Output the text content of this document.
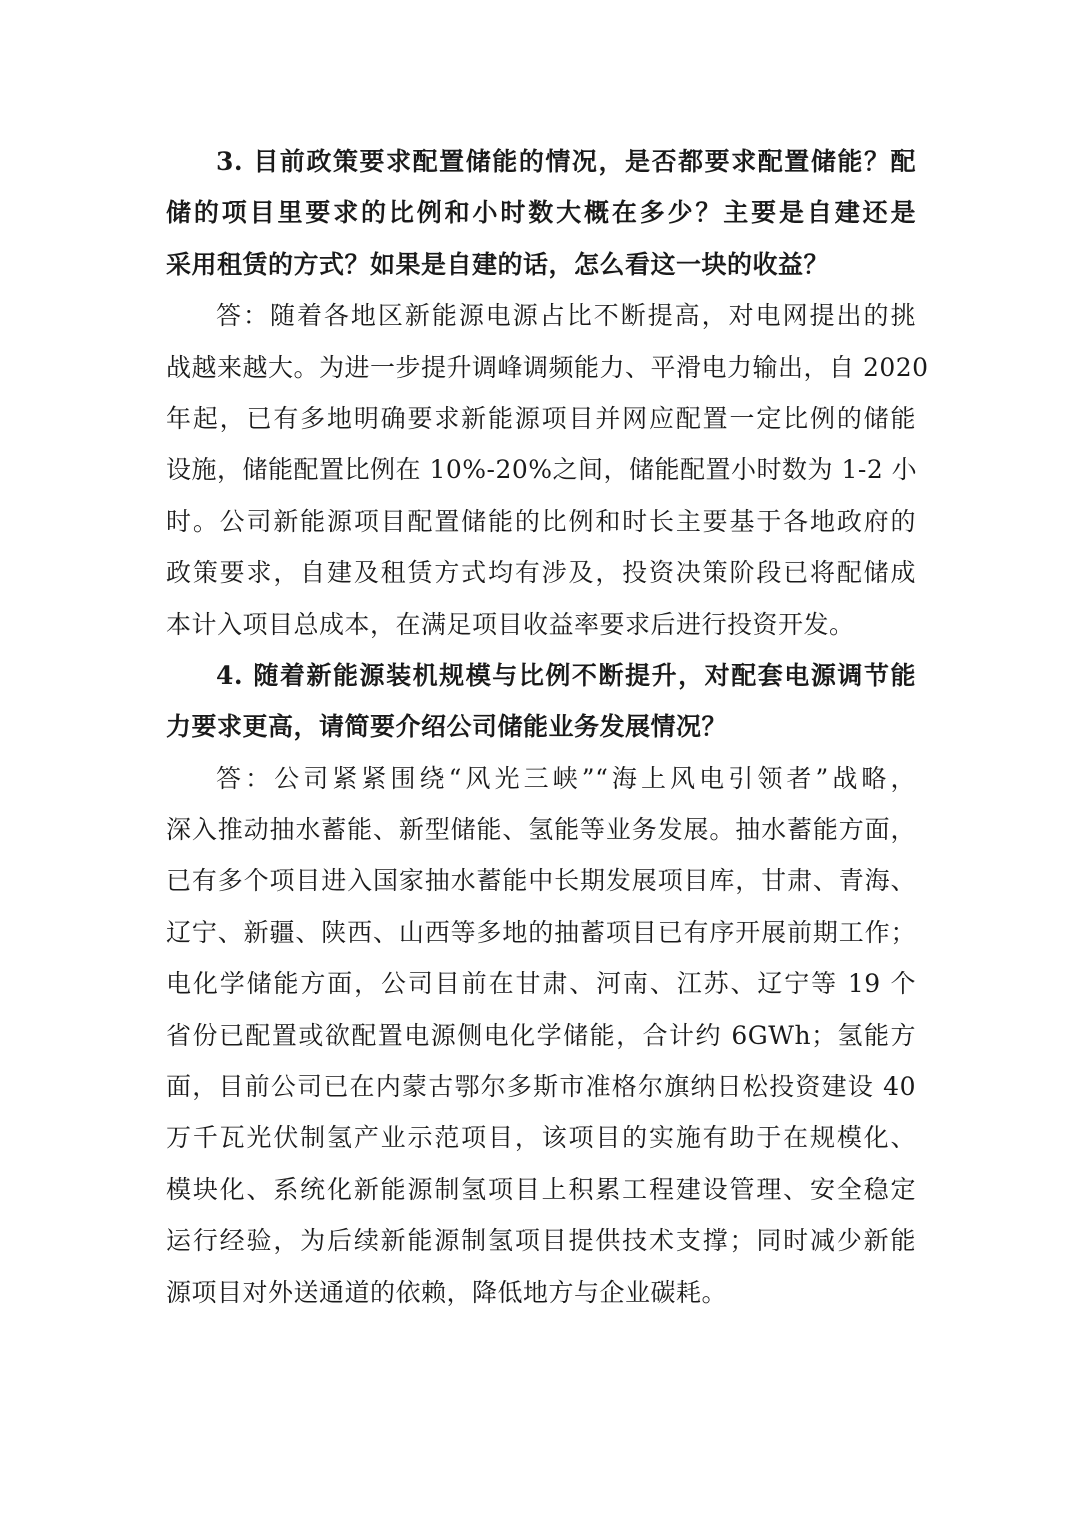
3. 目前政策要求配置储能的情况，是否都要求配置储能？配
储的项目里要求的比例和小时数大概在多少？主要是自建还是
采用租赁的方式？如果是自建的话，怎么看这一块的收益？
答：随着各地区新能源电源占比不断提高，对电网提出的挑
战越来越大。为进一步提升调峰调频能力、平滑电力输出，自 2020
年起，已有多地明确要求新能源项目并网应配置一定比例的储能
设施，储能配置比例在 10%-20%之间，储能配置小时数为 1-2 小
时。公司新能源项目配置储能的比例和时长主要基于各地政府的
政策要求，自建及租赁方式均有涉及，投资决策阶段已将配储成
本计入项目总成本，在满足项目收益率要求后进行投资开发。
4. 随着新能源装机规模与比例不断提升，对配套电源调节能
力要求更高，请简要介绍公司储能业务发展情况？
答：公司紧紧围绕“风光三峡”“海上风电引领者”战略，
深入推动抽水蓄能、新型储能、氢能等业务发展。抽水蓄能方面，
已有多个项目进入国家抽水蓄能中长期发展项目库，甘肃、青海、
辽宁、新疆、陕西、山西等多地的抽蓄项目已有序开展前期工作；
电化学储能方面，公司目前在甘肃、河南、江苏、辽宁等 19 个
省份已配置或欲配置电源侧电化学储能，合计约 6GWh；氢能方
面，目前公司已在内蒙古鄂尔多斯市准格尔旗纳日松投资建设 40
万千瓦光伏制氢产业示范项目，该项目的实施有助于在规模化、
模块化、系统化新能源制氢项目上积累工程建设管理、安全稳定
运行经验，为后续新能源制氢项目提供技术支撑；同时减少新能
源项目对外送通道的依赖，降低地方与企业碳耗。
